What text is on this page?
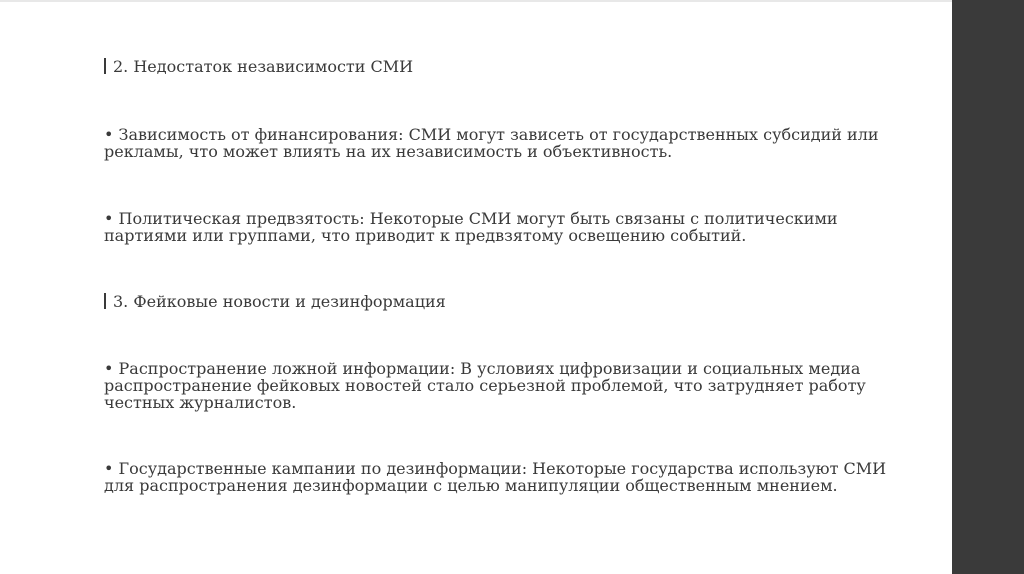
2. Недостаток независимости СМИ
• Зависимость от финансирования: СМИ могут зависеть от государственных субсидий или
рекламы, что может влиять на их независимость и объективность.
• Политическая предвзятость: Некоторые СМИ могут быть связаны с политическими
партиями или группами, что приводит к предвзятому освещению событий.
3. Фейковые новости и дезинформация
• Распространение ложной информации: В условиях цифровизации и социальных медиа
распространение фейковых новостей стало серьезной проблемой, что затрудняет работу
честных журналистов.
• Государственные кампании по дезинформации: Некоторые государства используют СМИ
для распространения дезинформации с целью манипуляции общественным мнением.
